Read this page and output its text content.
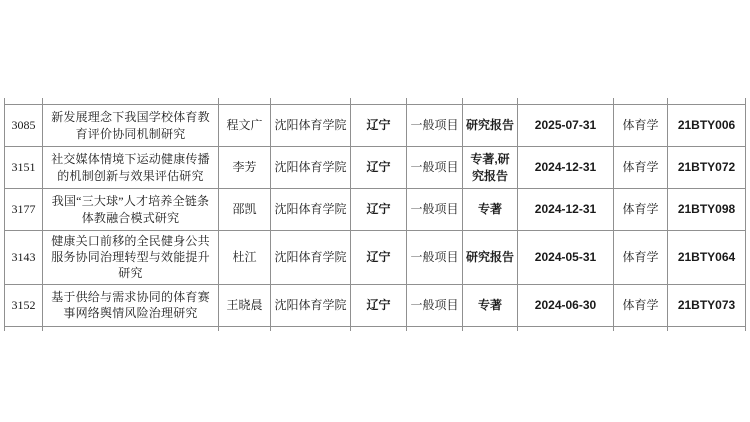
3085	新发展理念下我国学校体育教育评价协同机制研究	程文广	沈阳体育学院	辽宁	一般项目	研究报告	2025-07-31	体育学	21BTY006
3151	社交媒体情境下运动健康传播的机制创新与效果评估研究	李芳	沈阳体育学院	辽宁	一般项目	专著,研究报告	2024-12-31	体育学	21BTY072
3177	我国“三大球”人才培养全链条体教融合模式研究	邵凯	沈阳体育学院	辽宁	一般项目	专著	2024-12-31	体育学	21BTY098
3143	健康关口前移的全民健身公共服务协同治理转型与效能提升研究	杜江	沈阳体育学院	辽宁	一般项目	研究报告	2024-05-31	体育学	21BTY064
3152	基于供给与需求协同的体育赛事网络舆情风险治理研究	王晓晨	沈阳体育学院	辽宁	一般项目	专著	2024-06-30	体育学	21BTY073
